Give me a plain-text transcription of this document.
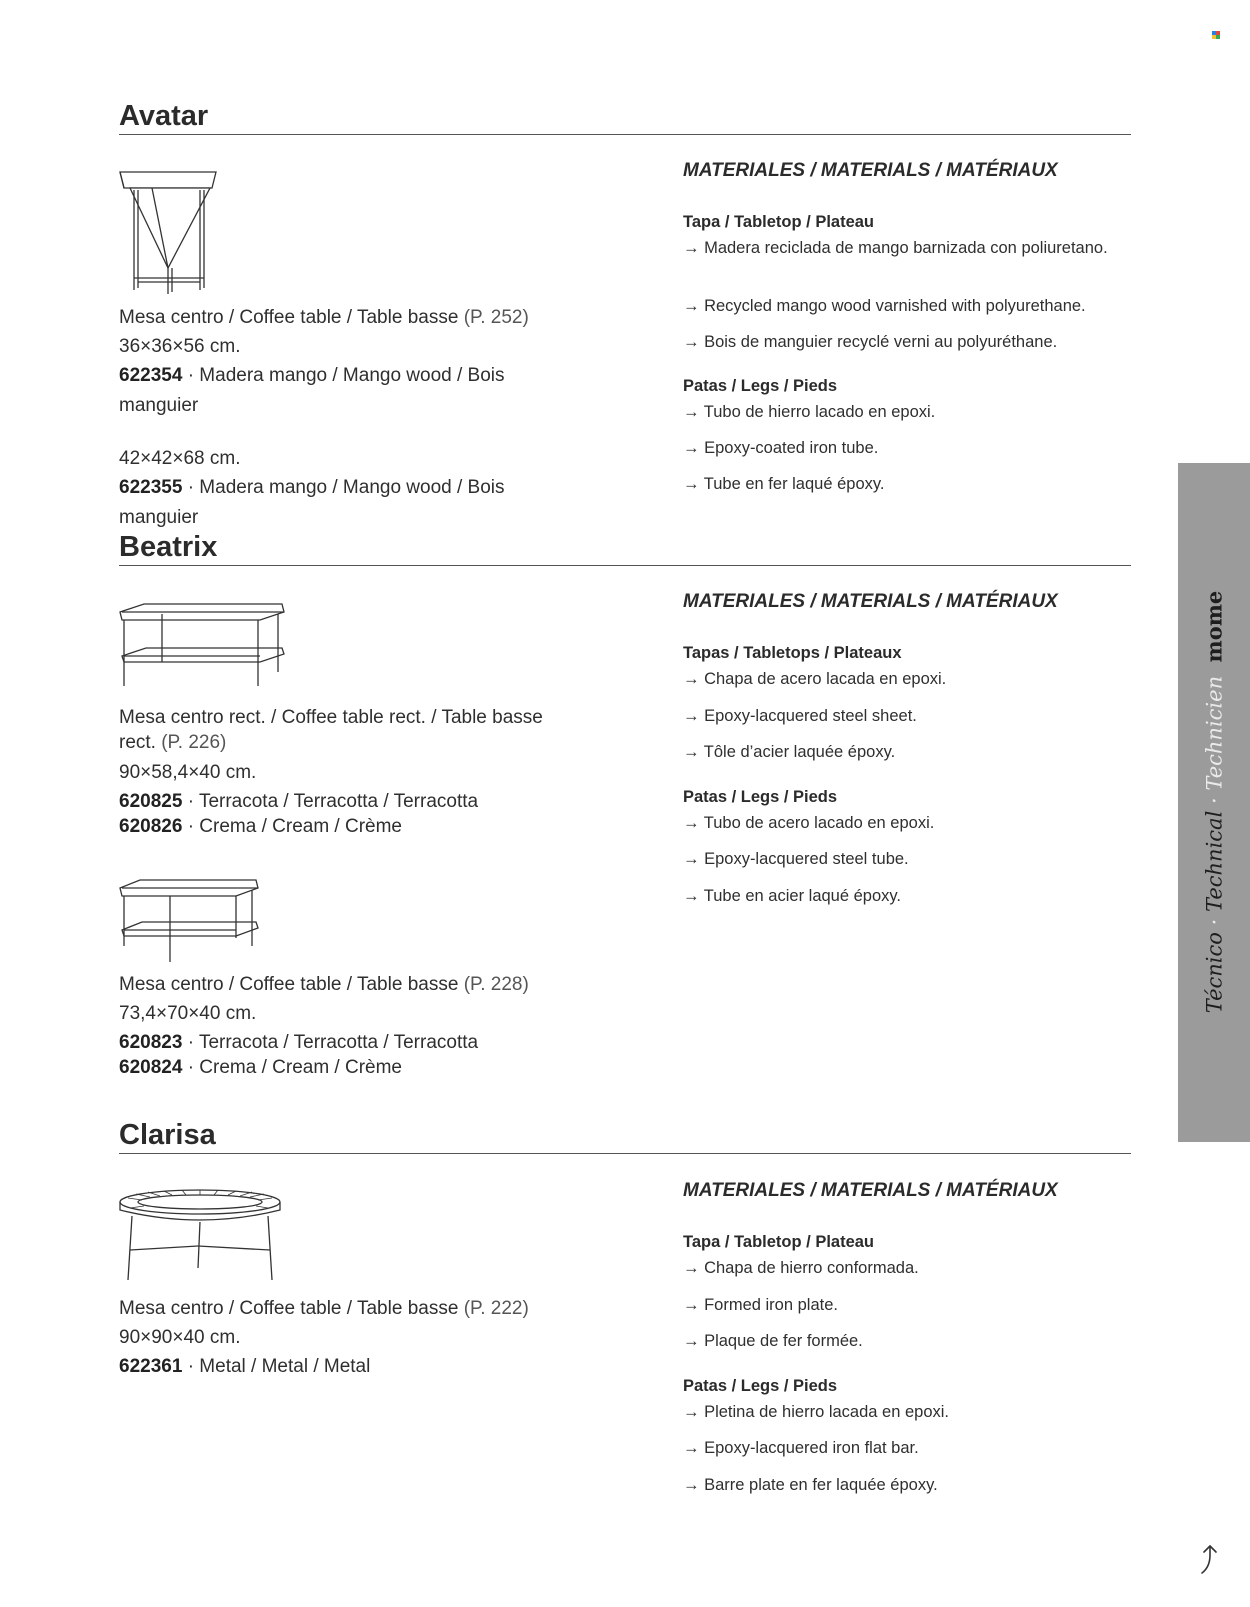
Avatar
Mesa centro / Coffee table / Table basse (P. 252)
36×36×56 cm.
622354 · Madera mango / Mango wood / Bois
manguier
42×42×68 cm.
622355 · Madera mango / Mango wood / Bois
manguier
MATERIALES / MATERIALS / MATÉRIAUX
Tapa / Tabletop / Plateau
→ Madera reciclada de mango barnizada con poliuretano.
→ Recycled mango wood varnished with polyurethane.
→ Bois de manguier recyclé verni au polyuréthane.
Patas / Legs / Pieds
→ Tubo de hierro lacado en epoxi.
→ Epoxy-coated iron tube.
→ Tube en fer laqué époxy.
Beatrix
Mesa centro rect. / Coffee table rect. / Table basse
rect. (P. 226)
90×58,4×40 cm.
620825 · Terracota / Terracotta / Terracotta
620826 · Crema / Cream / Crème
Mesa centro / Coffee table / Table basse (P. 228)
73,4×70×40 cm.
620823 · Terracota / Terracotta / Terracotta
620824 · Crema / Cream / Crème
MATERIALES / MATERIALS / MATÉRIAUX
Tapas / Tabletops / Plateaux
→ Chapa de acero lacada en epoxi.
→ Epoxy-lacquered steel sheet.
→ Tôle d’acier laquée époxy.
Patas / Legs / Pieds
→ Tubo de acero lacado en epoxi.
→ Epoxy-lacquered steel tube.
→ Tube en acier laqué époxy.
Clarisa
Mesa centro / Coffee table / Table basse (P. 222)
90×90×40 cm.
622361 · Metal / Metal / Metal
MATERIALES / MATERIALS / MATÉRIAUX
Tapa / Tabletop / Plateau
→ Chapa de hierro conformada.
→ Formed iron plate.
→ Plaque de fer formée.
Patas / Legs / Pieds
→ Pletina de hierro lacada en epoxi.
→ Epoxy-lacquered iron flat bar.
→ Barre plate en fer laquée époxy.
Técnico · Technical · Technicien  mome
